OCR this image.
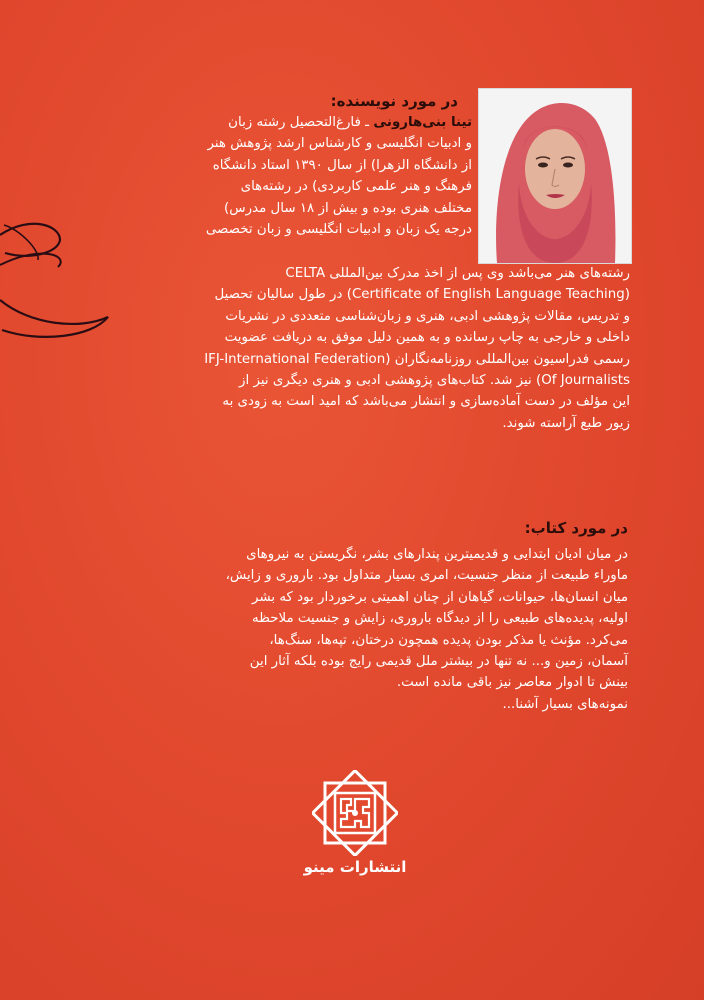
در مورد نویسنده:
تینا بنی‌هارونی ـ فارغ‌التحصیل رشته زبان
و ادبیات انگلیسی و کارشناس ارشد پژوهش هنر
از دانشگاه الزهرا) از سال ۱۳۹۰ استاد دانشگاه
فرهنگ و هنر علمی کاربردی) در رشته‌های
مختلف هنری بوده و بیش از ۱۸ سال مدرس)
درجه یک زبان و ادبیات انگلیسی و زبان تخصصی
رشته‌های هنر می‌باشد وی پس از اخذ مدرک بین‌المللی CELTA
(Certificate of English Language Teaching) در طول سالیان تحصیل
و تدریس، مقالات پژوهشی ادبی، هنری و زبان‌شناسی متعددی در نشریات
داخلی و خارجی به چاپ رسانده و به همین دلیل موفق به دریافت عضویت
رسمی فدراسیون بین‌المللی روزنامه‌نگاران (IFJ-International Federation
Of Journalists) نیز شد. کتاب‌های پژوهشی ادبی و هنری دیگری نیز از
این مؤلف در دست آماده‌سازی و انتشار می‌باشد که امید است به زودی به
زیور طبع آراسته شوند.
در مورد کتاب:
در میان ادیان ابتدایی و قدیمیترین پندارهای بشر، نگریستن به نیروهای
ماوراء طبیعت از منظر جنسیت، امری بسیار متداول بود. باروری و زایش،
میان انسان‌ها، حیوانات، گیاهان از چنان اهمیتی برخوردار بود که بشر
اولیه، پدیده‌های طبیعی را از دیدگاه باروری، زایش و جنسیت ملاحظه
می‌کرد. مؤنث یا مذکر بودن پدیده همچون درختان، تپه‌ها، سنگ‌ها،
آسمان، زمین و... نه تنها در بیشتر ملل قدیمی رایج بوده بلکه آثار این
بینش تا ادوار معاصر نیز باقی مانده است.
نمونه‌های بسیار آشنا...
انتشارات مینو
